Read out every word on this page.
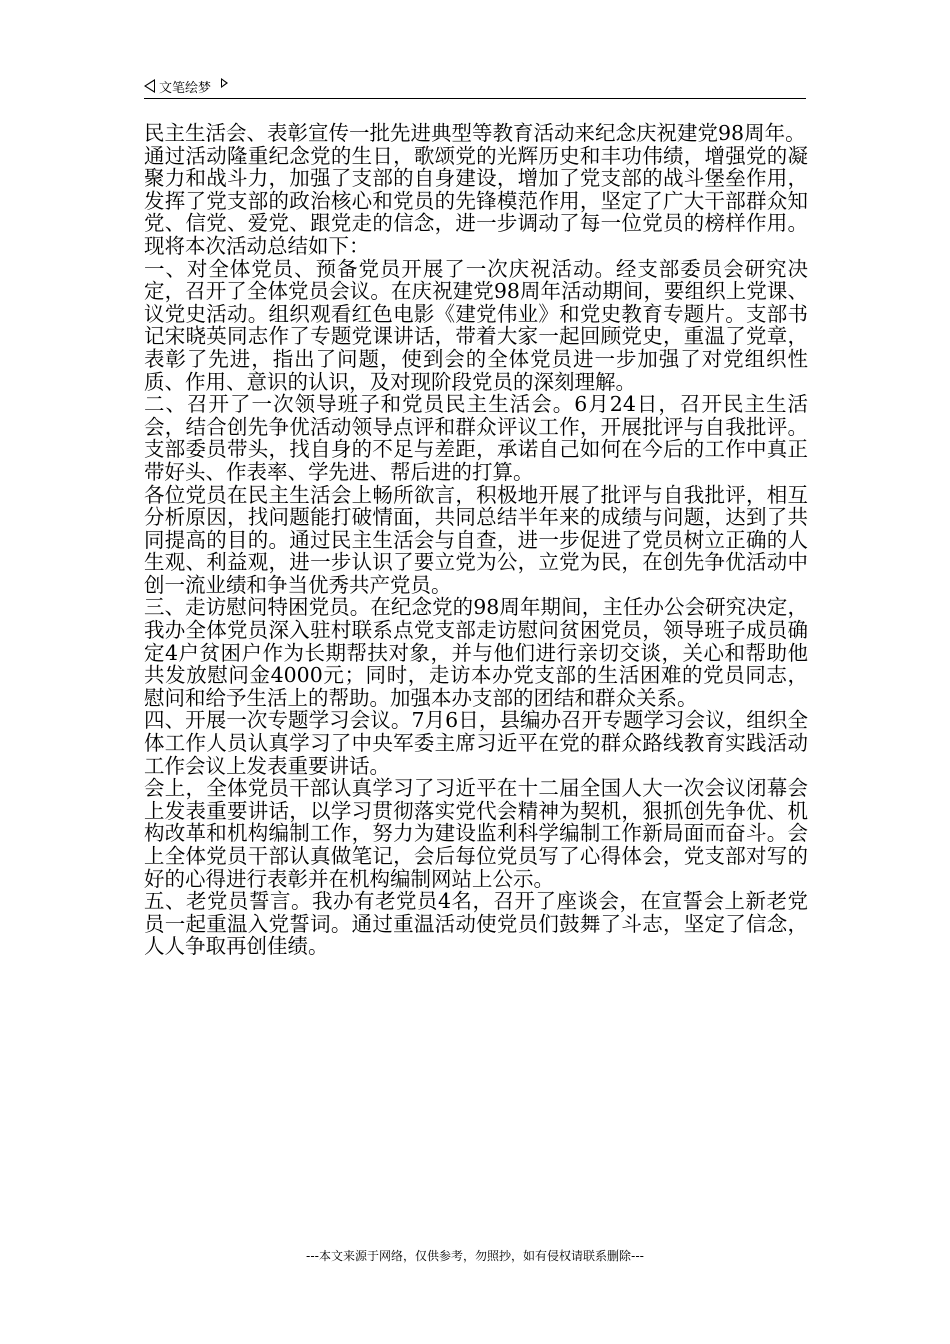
文笔绘梦

民主生活会、表彰宣传一批先进典型等教育活动来纪念庆祝建党98周年。

通过活动隆重纪念党的生日，歌颂党的光辉历史和丰功伟绩，增强党的凝聚力和战斗力，加强了支部的自身建设，增加了党支部的战斗堡垒作用，发挥了党支部的政治核心和党员的先锋模范作用，坚定了广大干部群众知党、信党、爱党、跟党走的信念，进一步调动了每一位党员的榜样作用。现将本次活动总结如下：

一、对全体党员、预备党员开展了一次庆祝活动。经支部委员会研究决定，召开了全体党员会议。在庆祝建党98周年活动期间，要组织上党课、议党史活动。组织观看红色电影《建党伟业》和党史教育专题片。支部书记宋晓英同志作了专题党课讲话，带着大家一起回顾党史，重温了党章，表彰了先进，指出了问题，使到会的全体党员进一步加强了对党组织性质、作用、意识的认识，及对现阶段党员的深刻理解。

二、召开了一次领导班子和党员民主生活会。6月24日，召开民主生活会，结合创先争优活动领导点评和群众评议工作，开展批评与自我批评。支部委员带头，找自身的不足与差距，承诺自己如何在今后的工作中真正带好头、作表率、学先进、帮后进的打算。

各位党员在民主生活会上畅所欲言，积极地开展了批评与自我批评，相互分析原因，找问题能打破情面，共同总结半年来的成绩与问题，达到了共同提高的目的。通过民主生活会与自查，进一步促进了党员树立正确的人生观、利益观，进一步认识了要立党为公，立党为民，在创先争优活动中创一流业绩和争当优秀共产党员。

三、走访慰问特困党员。在纪念党的98周年期间，主任办公会研究决定，我办全体党员深入驻村联系点党支部走访慰问贫困党员，领导班子成员确定4户贫困户作为长期帮扶对象，并与他们进行亲切交谈，关心和帮助他共发放慰问金4000元；同时，走访本办党支部的生活困难的党员同志，慰问和给予生活上的帮助。加强本办支部的团结和群众关系。

四、开展一次专题学习会议。7月6日，县编办召开专题学习会议，组织全体工作人员认真学习了中央军委主席习近平在党的群众路线教育实践活动工作会议上发表重要讲话。

会上，全体党员干部认真学习了习近平在十二届全国人大一次会议闭幕会上发表重要讲话，以学习贯彻落实党代会精神为契机，狠抓创先争优、机构改革和机构编制工作，努力为建设监利科学编制工作新局面而奋斗。会上全体党员干部认真做笔记，会后每位党员写了心得体会，党支部对写的好的心得进行表彰并在机构编制网站上公示。

五、老党员誓言。我办有老党员4名，召开了座谈会，在宣誓会上新老党员一起重温入党誓词。通过重温活动使党员们鼓舞了斗志，坚定了信念，人人争取再创佳绩。

---本文来源于网络，仅供参考，勿照抄，如有侵权请联系删除---
